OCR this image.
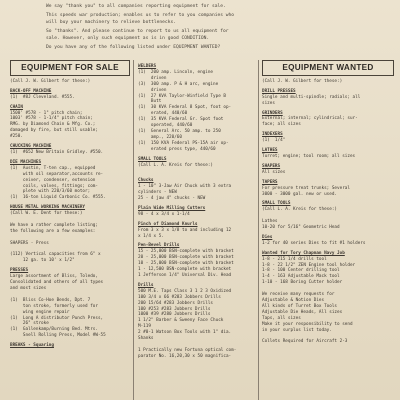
We say "thank you" to all companies reporting equipment for sale.

This speeds war production; enables us to refer to you companies who
will buy your machinery to relieve bottlenecks.

So "thanks". And please continue to report to us all equipment for
sale. However, only such equipment as is in good CONDITION.

Do you have any of the following listed under EQUIPMENT WANTED?

EQUIPMENT FOR SALE
(Call J. W. Gilbert for these:)
BACK-OFF MACHINE
(1)  #8J Cleveland. #555.
CHAIN
1500' #578 - 1" pitch chain;
1003' #578 - 1-1/4" pitch chain;
RMG. by Diamond Chain & Mfg. Co.;
damaged by fire, but still usable;
#250.
CHUCKING MACHINE
(1)  #652 New Britain Gridley. #550.
DIE MACHINES
(1)  Austin, T-ten cap., equipped
with oil separator,accounts re-
ceiver, condenser, extension
coils, valves, fittings; com-
plete with 220/3/60 motor;
(1)  16-ton Liquid Carbonic Co. #555.
HOUSE METAL WORKING MACHINERY
(Call W. E. Dent for these:)

We have a rather complete listing;
the following are a few examples:

SHAPERS - Press

(112) Vertical capacities from 6" x
12 ga. to 10' x 1/2"
PRESSES
Large assortment of Bliss, Toledo,
Consolidated and others of all types
and most sizes

(1)  Bliss Co-Hoe Bends, Dpt. 7
ton stroke, formerly used for
wing engine repair
(1)  Long A distributor Punch Press,
26" stroke
(1)  Gallenkamp/Burning Bed. Mtrs.
Snell Rolling Press, Model #W-55
BREAKS - Squaring
WELDERS
(1)  200 amp. Lincoln, engine
driven
(3)  300 amp. P & H arc, engine
driven
(1)  27 KVA Taylor-Winfield Type B
Butt
(1)  30 KVA Federal 8 Spot, foot op-
erated, 440/60
(1)  35 KVA Federal Gr. Spot foot
operated, 440/60
(1)  General Arc. 50 amp. to 250
amp., 220/60
(1)  150 KVA Federal PS-15A air op-
erated press type, 440/60
SMALL TOOLS
(Call L. A. Kreis for these:)

Chucks
1 - 10" 3-Jaw Air Chuck with 3 extra
cylinders - NEW
25 - 4 jaw 4" chucks - NEW
Plain Wide Milling Cutters
98 - 4 x 3/4 x 1-1/4
Pinch of Diamond Knurls
From 3 x 3 x 1/8 to and including 12
x 1/4 x 5.
Pen-Bevel Drills
15 - 25,000 BSN-complete with bracket
20 - 25,000 BSN-complete with bracket
10 - 25,000 BSN-complete with bracket
1 - 12,500 BSN-complete with bracket
1 Jefferson 1/4" Universal Div. Head
Drills
500 M.E. Taps Class 3 1 2 3 Oxidized
100 3/4 x 66 #283 Jobbers Drills
200 15/64 #283 Jobbers Drills
100 #253 #283 Jobbers Drills
1000 #39 #280 Jobbers Drills
1 1/2" Barber & Sweeny Face Chuck
M-119
2 #0-1 Watson Box Tools with 1" dia.
Shanks

1 Practically new Fortuna optical com-
parator No. 16,20,30 x 50 magnifica-
EQUIPMENT WANTED
(Call J. W. Gilbert for these:)
DRILL PRESSES
Single and multi-spindle; radials; all
sizes
GRINDERS
External; internal; cylindrical; sur-
face; all sizes
INDEXERS
(1)  1/4"
LATHES
Turret; engine; tool room; all sizes
SHAPERS
All sizes
TAPERS
For pressure treat trunks; Several
3000 - 3000 gal. new or used.
SMALL TOOLS
(Call L. A. Kreis for these:)

Lathes
10-20 for 5/16" Geometric Head
Dies
1-2 for 40 series Dies to fit #1 holders
Wanted for Tory Chapman Navy Job
1-8 - 215 1/4 drills tool
1-8 - 22 1/2" ZEN Engine tool holder
1-8 - 100 Center drilling tool
1-4 - 163 Adjustable Mack tool
1-10 - 168 Boring Cutter holder

We receive many requests for
Adjustable & Notion Dies
All kinds of Turret Box Tools
Adjustable Die Heads, All sizes
Taps, all sizes
Make it your responsibility to send
in your surplus list today.

Collets Required for Aircraft 2-3
